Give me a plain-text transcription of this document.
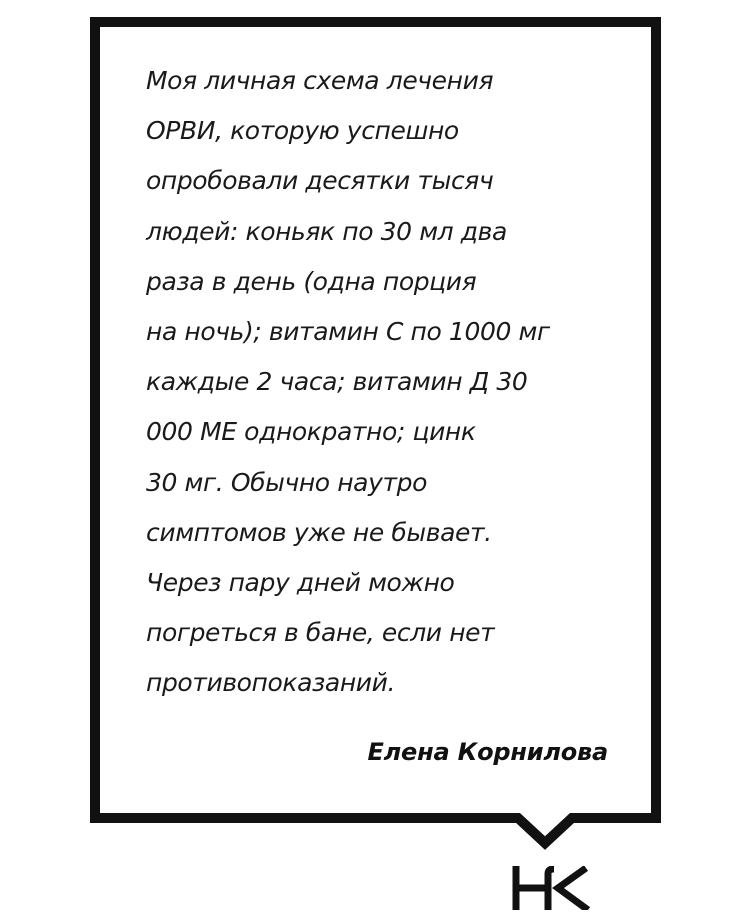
Моя личная схема лечения
ОРВИ, которую успешно
опробовали десятки тысяч
людей: коньяк по 30 мл два
раза в день (одна порция
на ночь); витамин С по 1000 мг
каждые 2 часа; витамин Д 30
000 МЕ однократно; цинк
30 мг. Обычно наутро
симптомов уже не бывает.
Через пару дней можно
погреться в бане, если нет
противопоказаний.
Елена Корнилова
